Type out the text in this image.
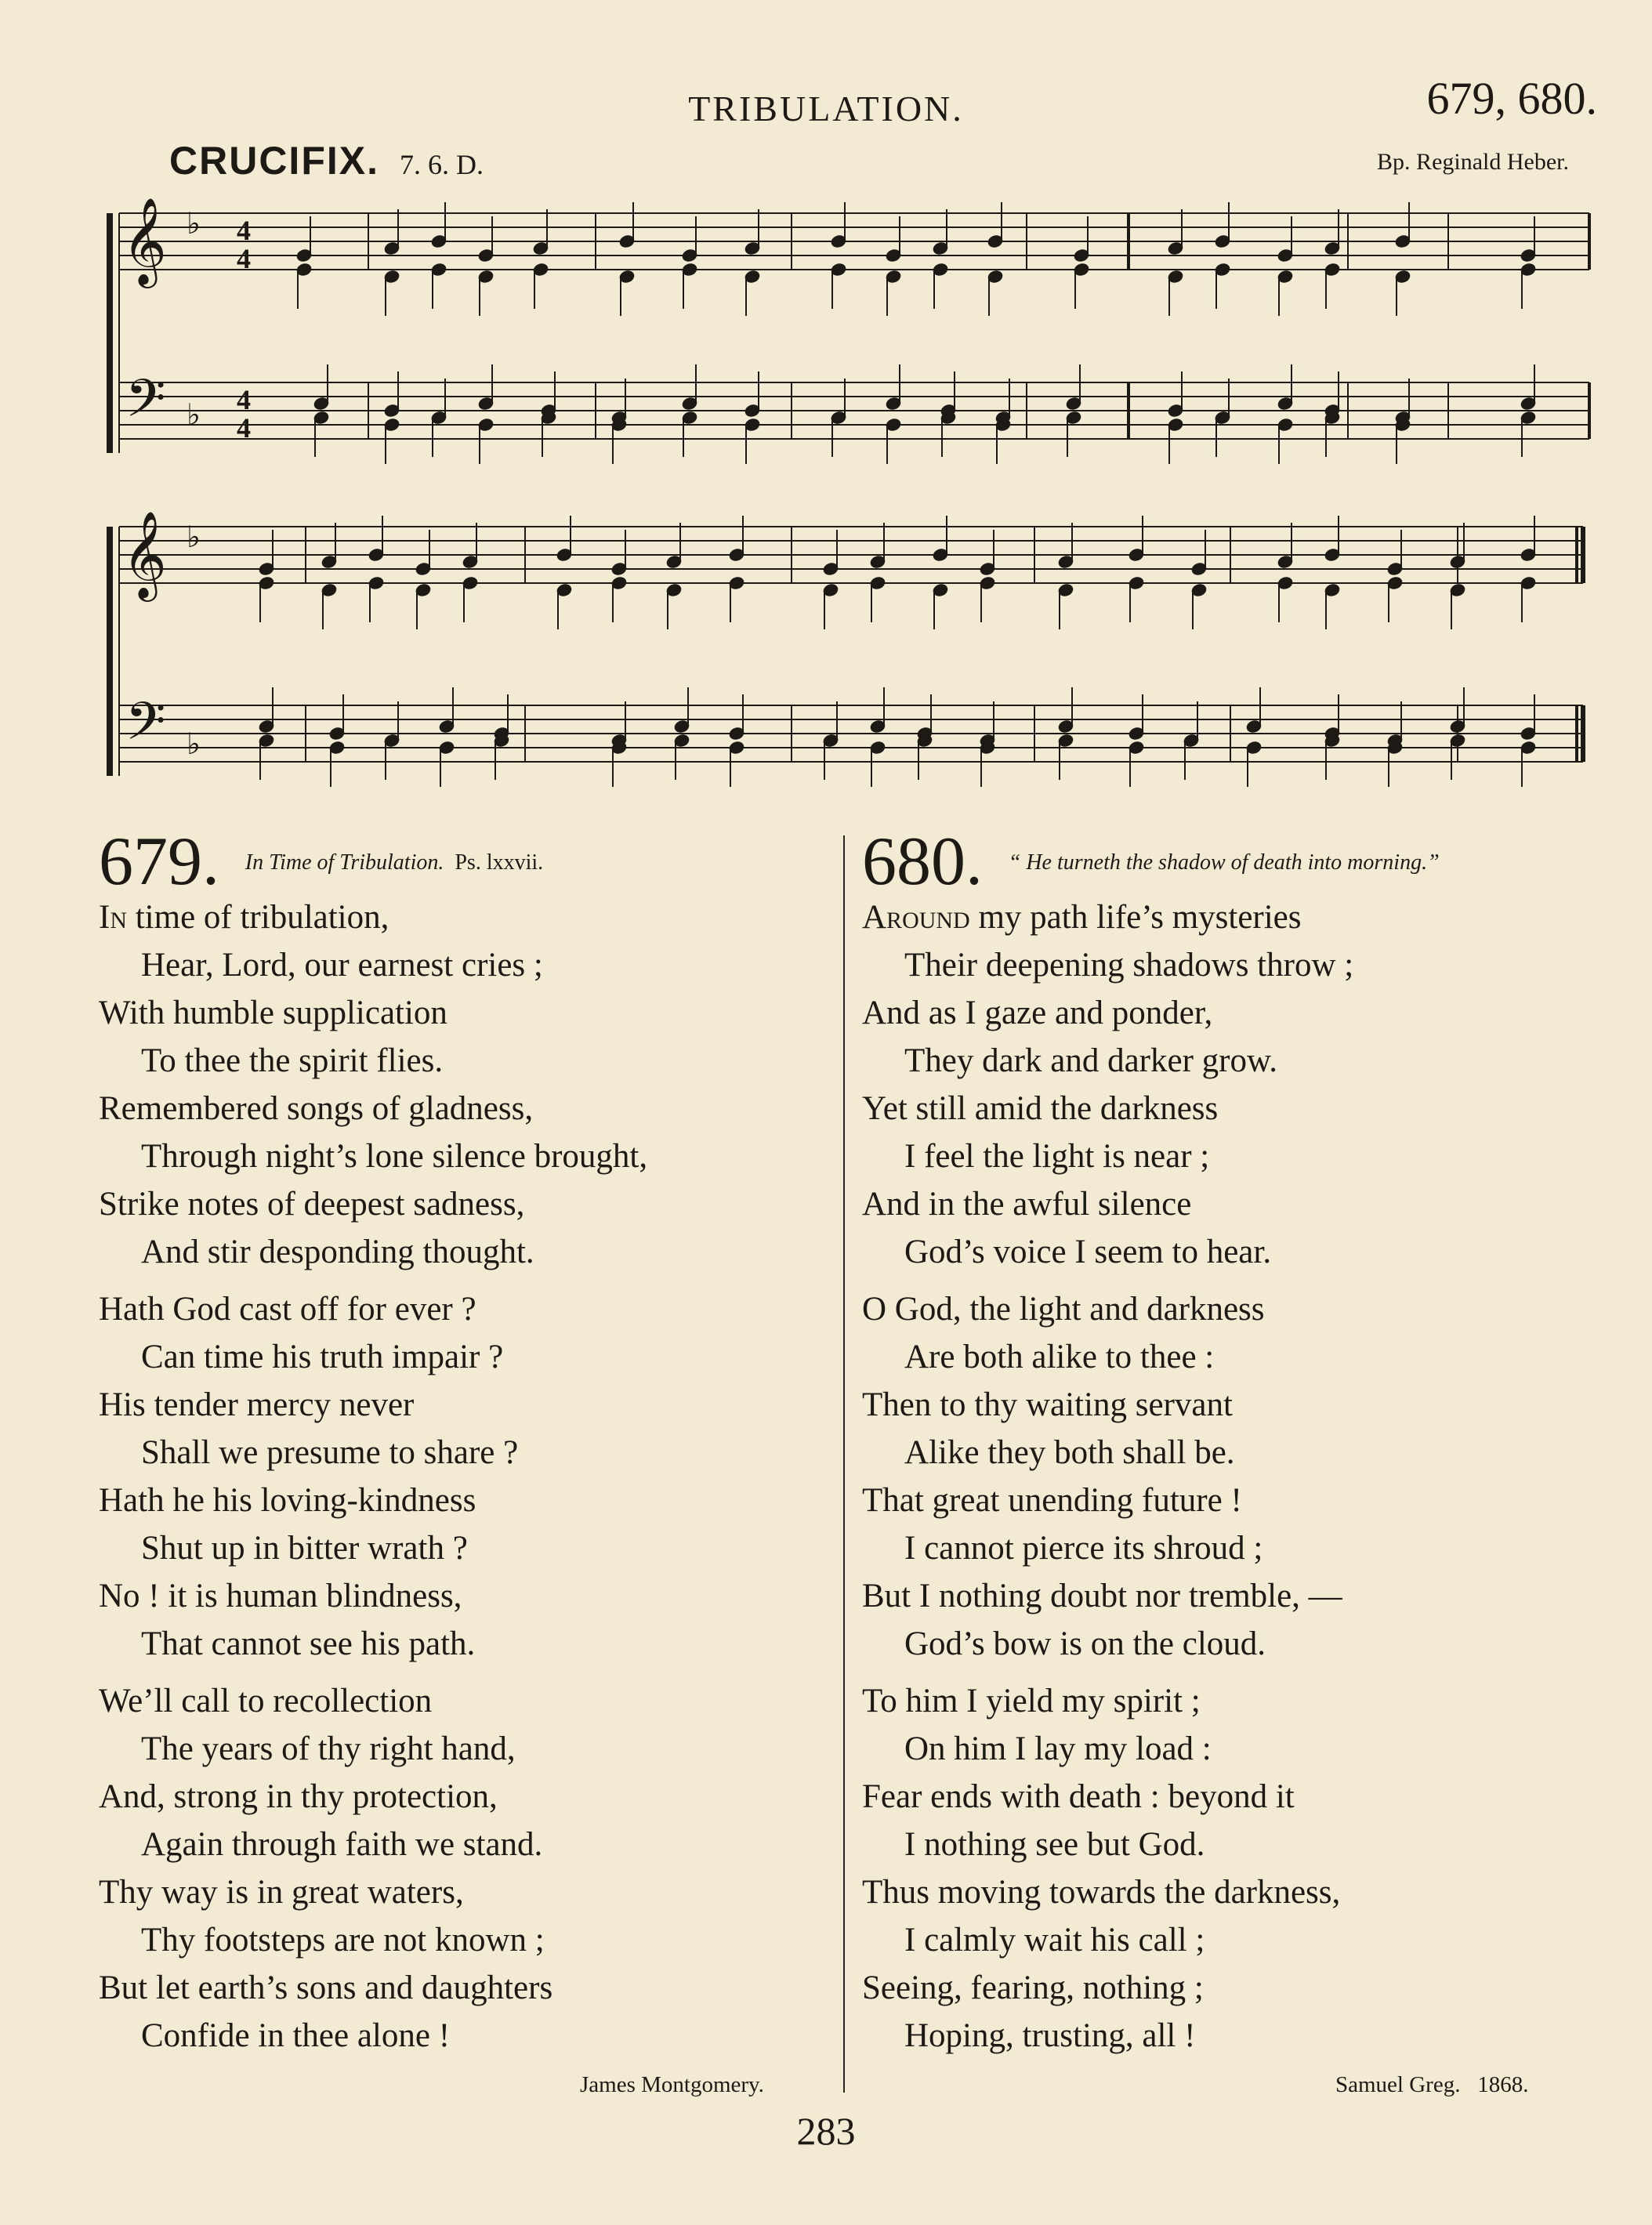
TRIBULATION.	679, 680.
CRUCIFIX. 7. 6. D.	Bp. Reginald Heber.
𝄞
𝄢
𝄞
𝄢
♭
♭
♭
♭
4
4
4
4
679. In Time of Tribulation. Ps. lxxvii.
In time of tribulation,
Hear, Lord, our earnest cries ;
With humble supplication
To thee the spirit flies.
Remembered songs of gladness,
Through night’s lone silence brought,
Strike notes of deepest sadness,
And stir desponding thought.
Hath God cast off for ever ?
Can time his truth impair ?
His tender mercy never
Shall we presume to share ?
Hath he his loving-kindness
Shut up in bitter wrath ?
No ! it is human blindness,
That cannot see his path.
We’ll call to recollection
The years of thy right hand,
And, strong in thy protection,
Again through faith we stand.
Thy way is in great waters,
Thy footsteps are not known ;
But let earth’s sons and daughters
Confide in thee alone !
680. “ He turneth the shadow of death into morning.”
Around my path life’s mysteries
Their deepening shadows throw ;
And as I gaze and ponder,
They dark and darker grow.
Yet still amid the darkness
I feel the light is near ;
And in the awful silence
God’s voice I seem to hear.
O God, the light and darkness
Are both alike to thee :
Then to thy waiting servant
Alike they both shall be.
That great unending future !
I cannot pierce its shroud ;
But I nothing doubt nor tremble, —
God’s bow is on the cloud.
To him I yield my spirit ;
On him I lay my load :
Fear ends with death : beyond it
I nothing see but God.
Thus moving towards the darkness,
I calmly wait his call ;
Seeing, fearing, nothing ;
Hoping, trusting, all !
James Montgomery.	Samuel Greg. 1868.
283
